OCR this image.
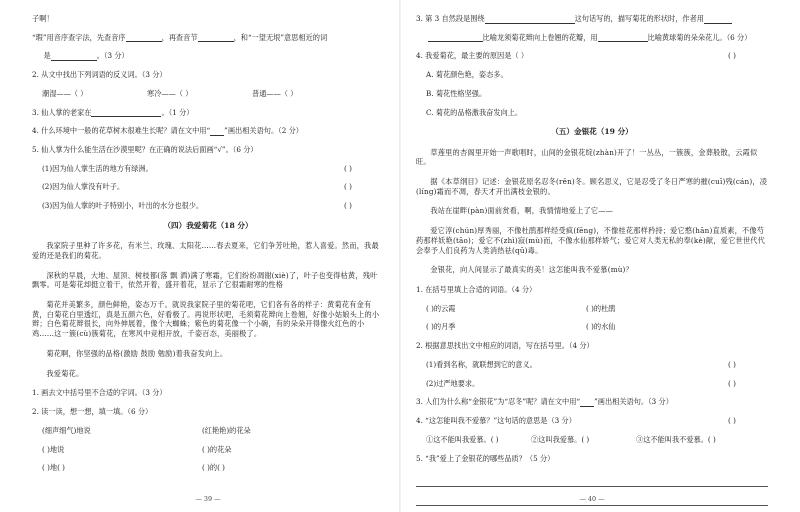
子啊！

“瑕”用音序查字法，先查音序	，再查音节	，和“一望无垠”意思相近的词

是	。（3 分）

2. 从文中找出下列词语的反义词。（3 分）

潮湿——（ ）	寒冷——（ ）	普通——（ ）

3. 仙人掌的老家在	。（1 分）

4. 什么环境中一般的花草树木很难生长呢？请在文中用“ ”画出相关语句。（2 分）

5. 仙人掌为什么能生活在沙漠里呢？在正确的说法后面画“√”。（6 分）

(1)因为仙人掌生活的地方有绿洲。	( )
(2)因为仙人掌没有叶子。	( )
(3)因为仙人掌的叶子特别小，叶出的水分也很少。	( )

（四）我爱菊花（18 分）

我家院子里种了许多花，有米兰、玫瑰、太阳花……春去夏来，它们争芳吐艳，惹人喜爱。然而，我最爱的还是我们的菊花。

深秋的早晨，大地、屋顶、树枝都(落 飘 洒)满了寒霜，它们纷纷凋谢(xiè)了，叶子也变得枯黄，残叶飘零。可是菊花却挺立着干，依然开着，盛开着花，显示了它很霜耐寒的性格

菊花并美繁多，颜色鲜艳，姿态万千。就说我家院子里的菊花吧，它们各有各的样子：黄菊花有金有黄，白菊花白里透红，真是五颜六色，好看极了。再说形状吧，毛须菊花辫向上卷翘，好像小姑娘头上的小辫；白色菊花辫很长，向外伸展着，像个大蜘蛛；紫色的菊花像一个小碗，有的朵朵开得像火红色的小鸡……这一簇(cù)簇菊花，在寒风中竞相开放，千姿百态，美丽极了。

菊花啊，你坚强的品格(激励 鼓励 勉励)着我奋发向上。

我爱菊花。

1. 画去文中括号里不合适的字词。（3 分）

2. 读一读，想一想，填一填。（6 分）

(细声细气)地说	(红艳艳)的花朵
( )地说	( )的花朵
( )地( )	( )的( )
— 39 —

3. 第 3 自然段是围绕	这句话写的，描写菊花的形状时，作者用

比喻龙须菊花辫向上卷翘的花瓣，用	比喻黄球菊的朵朵花儿。（6 分）

4. 我爱菊花，最主要的原因是（ ）	( )

A. 菊花颜色艳，姿态多。

B. 菊花性格坚强。

C. 菊花的品格激我奋发向上。

（五）金银花（19 分）

草莲里的杏阁里开始一声歌唱时，山间的金银花绽(zhàn)开了！一丛丛，一簇簇，金葬般散，云霞似旺。

据《本草纲目》记述：金银花原名忍冬(rěn)冬。顾名思义，它是忍受了冬日严寒的摧(cuī)残(cán)，凌(líng)霜而不凋，春天才开出满枝金银的。

我站在崖畔(pàn)面前赏看，啊，我情情地爱上了它——

爱它淳(chún)厚秀丽，不像杜鹃那样经受疯(fēng)，不像桂花那样矜持；爱它憨(hān)直质素，不像芍药那样妖艳(tāo)；爱它不(zhì)寂(mù)而，不像水仙那样娇气；爱它对人类无私的奉(kè)献，爱它世世代代会奉予人们良药为人类消热祛(qū)毒。

金银花，向人间显示了最真实的美！这怎能叫我不爱慕(mù)？

1. 在括号里填上合适的词语。（4 分）

( )的云霞	( )的杜鹃
( )的月季	( )的水仙

2. 根据意思找出文中相应的词语，写在括号里。（4 分）

(1)看到名称，就联想到它的意义。	( )
(2)过严地要求。	( )

3. 人们为什么称“金银花”为“忍冬”呢？请在文中用“ ”画出相关语句。（3 分）

4. “这怎能叫我不爱慕？”这句话的意思是（3 分）	( )
①这不能叫我爱慕。( )	②这叫我爱慕。( )	③这不能叫我不爱慕。( )

5. “我”爱上了金银花的哪些品质？（5 分）

— 40 —
